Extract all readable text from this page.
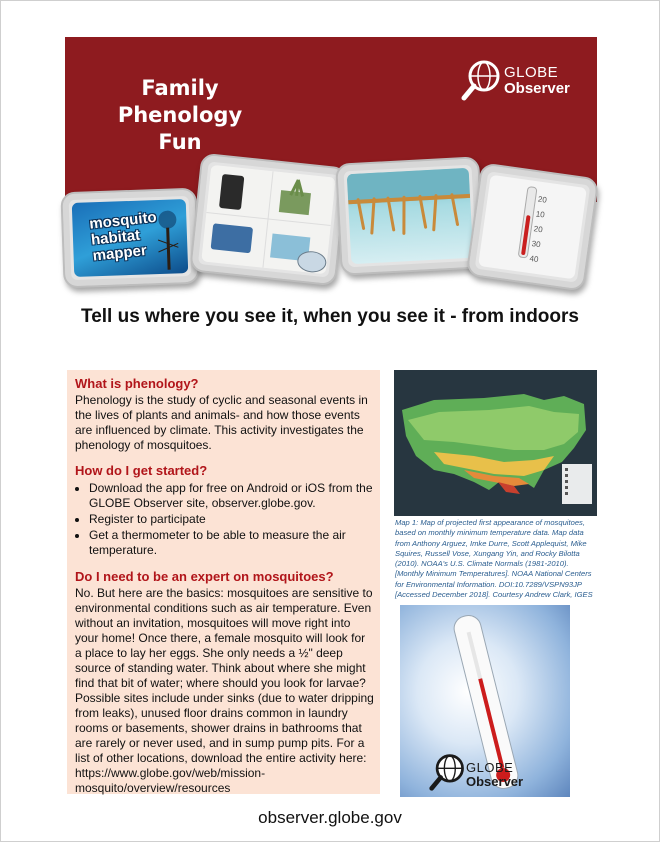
Family
Phenology
Fun
GLOBE
Observer
mosquito
habitat
mapper
20
10
20
30
40
Tell us where you see it, when you see it - from indoors
What is phenology?

Phenology is the study of cyclic and seasonal events in the lives of plants and animals- and how those events are influenced by climate. This activity investigates the phenology of mosquitoes.

How do I get started?
• Download the app for free on Android or iOS from the GLOBE Observer site, observer.globe.gov.
• Register to participate
• Get a thermometer to be able to measure the air temperature.
Do I need to be an expert on mosquitoes?

No. But here are the basics: mosquitoes are sensitive to environmental conditions such as air temperature. Even without an invitation, mosquitoes will move right into your home! Once there, a female mosquito will look for a place to lay her eggs. She only needs a ½" deep source of standing water. Think about where she might find that bit of water; where should you look for larvae? Possible sites include under sinks (due to water dripping from leaks), unused floor drains common in laundry rooms or basements, shower drains in bathrooms that are rarely or never used, and in sump pump pits. For a list of other locations, download the entire activity here: https://www.globe.gov/web/mission-mosquito/overview/resources

Map 1: Map of projected first appearance of mosquitoes, based on monthly minimum temperature data. Map data from Anthony Arguez, Imke Durre, Scott Applequist, Mike Squires, Russell Vose, Xungang Yin, and Rocky Bilotta (2010). NOAA's U.S. Climate Normals (1981-2010). [Monthly Minimum Temperatures]. NOAA National Centers for Environmental Information. DOI:10.7289/VSPN93JP [Accessed December 2018]. Courtesy Andrew Clark, IGES
GLOBE
Observer
observer.globe.gov
